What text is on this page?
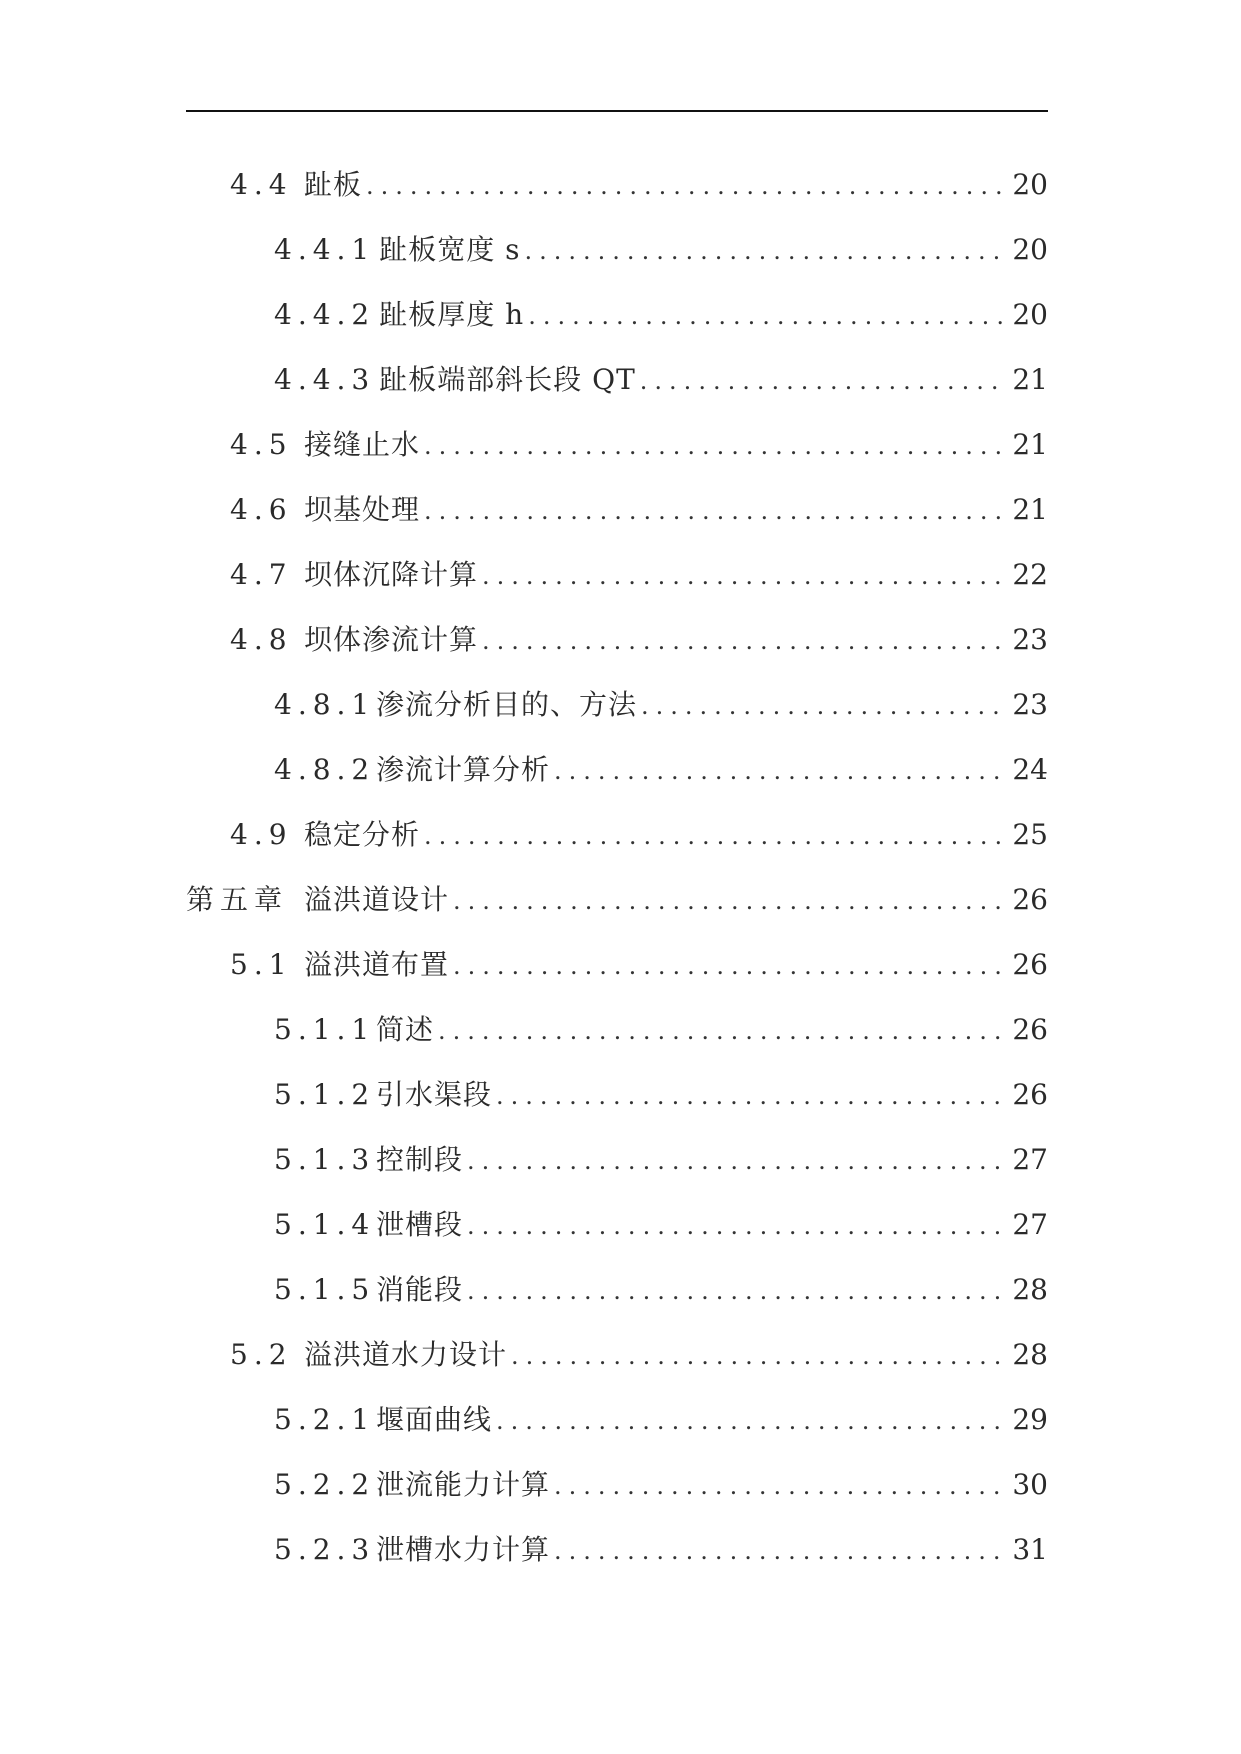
4.4 趾板 .....	20
4.4.1 趾板宽度 s .....	20
4.4.2 趾板厚度 h .....	20
4.4.3 趾板端部斜长段 QT .....	21
4.5 接缝止水 .....	21
4.6 坝基处理 .....	21
4.7 坝体沉降计算 .....	22
4.8 坝体渗流计算 .....	23
4.8.1 渗流分析目的、方法 .....	23
4.8.2 渗流计算分析 .....	24
4.9 稳定分析 .....	25
第五章 溢洪道设计 .....	26
5.1 溢洪道布置 .....	26
5.1.1 简述 .....	26
5.1.2 引水渠段 .....	26
5.1.3 控制段 .....	27
5.1.4 泄槽段 .....	27
5.1.5 消能段 .....	28
5.2 溢洪道水力设计 .....	28
5.2.1 堰面曲线 .....	29
5.2.2 泄流能力计算 .....	30
5.2.3 泄槽水力计算 .....	31
